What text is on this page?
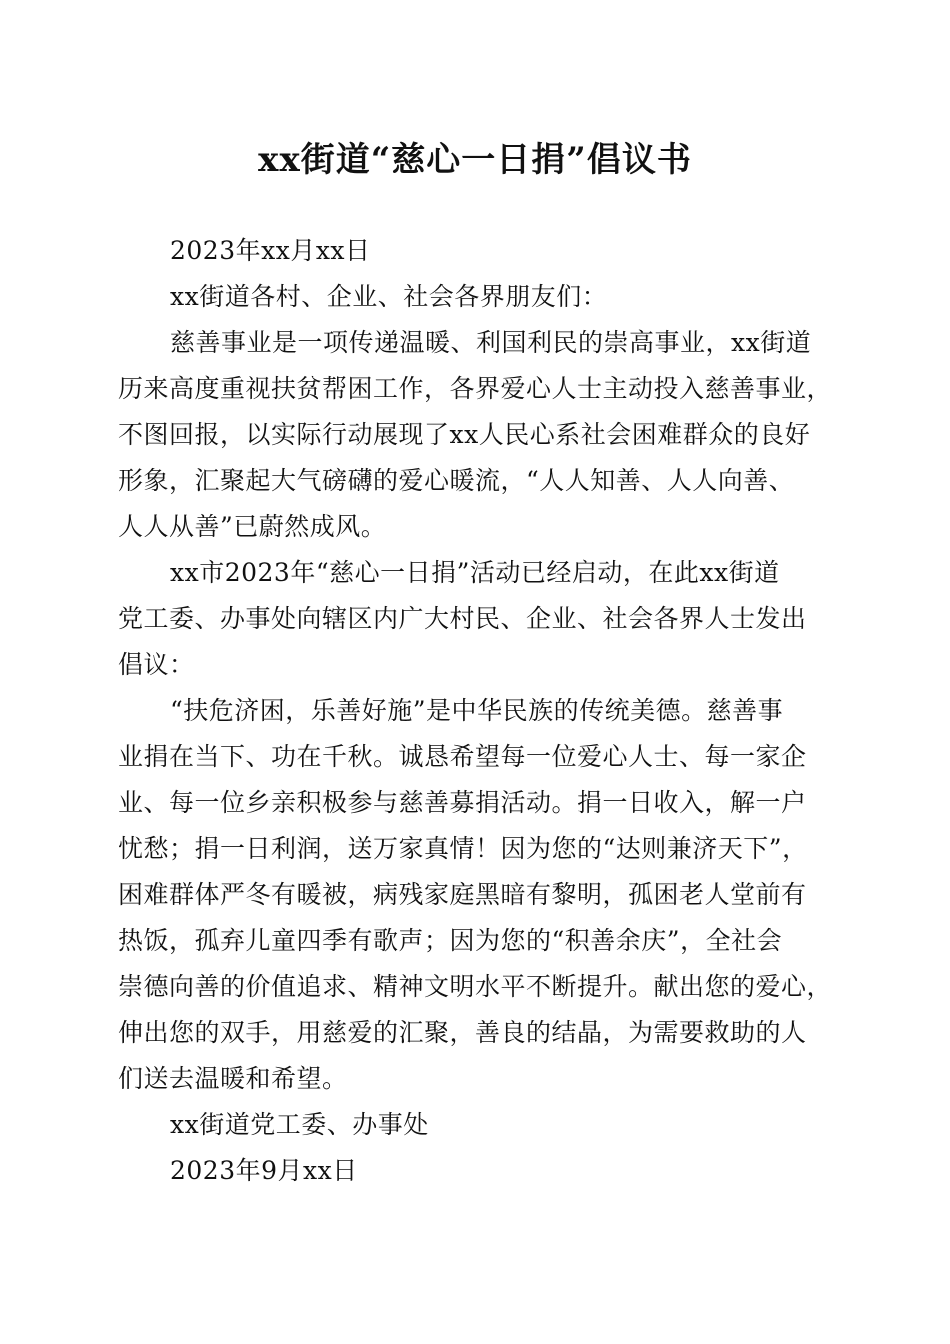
xx街道“慈心一日捐”倡议书
2023年xx月xx日
xx街道各村、企业、社会各界朋友们：
慈善事业是一项传递温暖、利国利民的崇高事业，xx街道
历来高度重视扶贫帮困工作，各界爱心人士主动投入慈善事业，
不图回报，以实际行动展现了xx人民心系社会困难群众的良好
形象，汇聚起大气磅礴的爱心暖流，“人人知善、人人向善、
人人从善”已蔚然成风。
xx市2023年“慈心一日捐”活动已经启动，在此xx街道
党工委、办事处向辖区内广大村民、企业、社会各界人士发出
倡议：
“扶危济困，乐善好施”是中华民族的传统美德。慈善事
业捐在当下、功在千秋。诚恳希望每一位爱心人士、每一家企
业、每一位乡亲积极参与慈善募捐活动。捐一日收入，解一户
忧愁；捐一日利润，送万家真情！因为您的“达则兼济天下”，
困难群体严冬有暖被，病残家庭黑暗有黎明，孤困老人堂前有
热饭，孤弃儿童四季有歌声；因为您的“积善余庆”，全社会
崇德向善的价值追求、精神文明水平不断提升。献出您的爱心，
伸出您的双手，用慈爱的汇聚，善良的结晶，为需要救助的人
们送去温暖和希望。
xx街道党工委、办事处
2023年9月xx日
